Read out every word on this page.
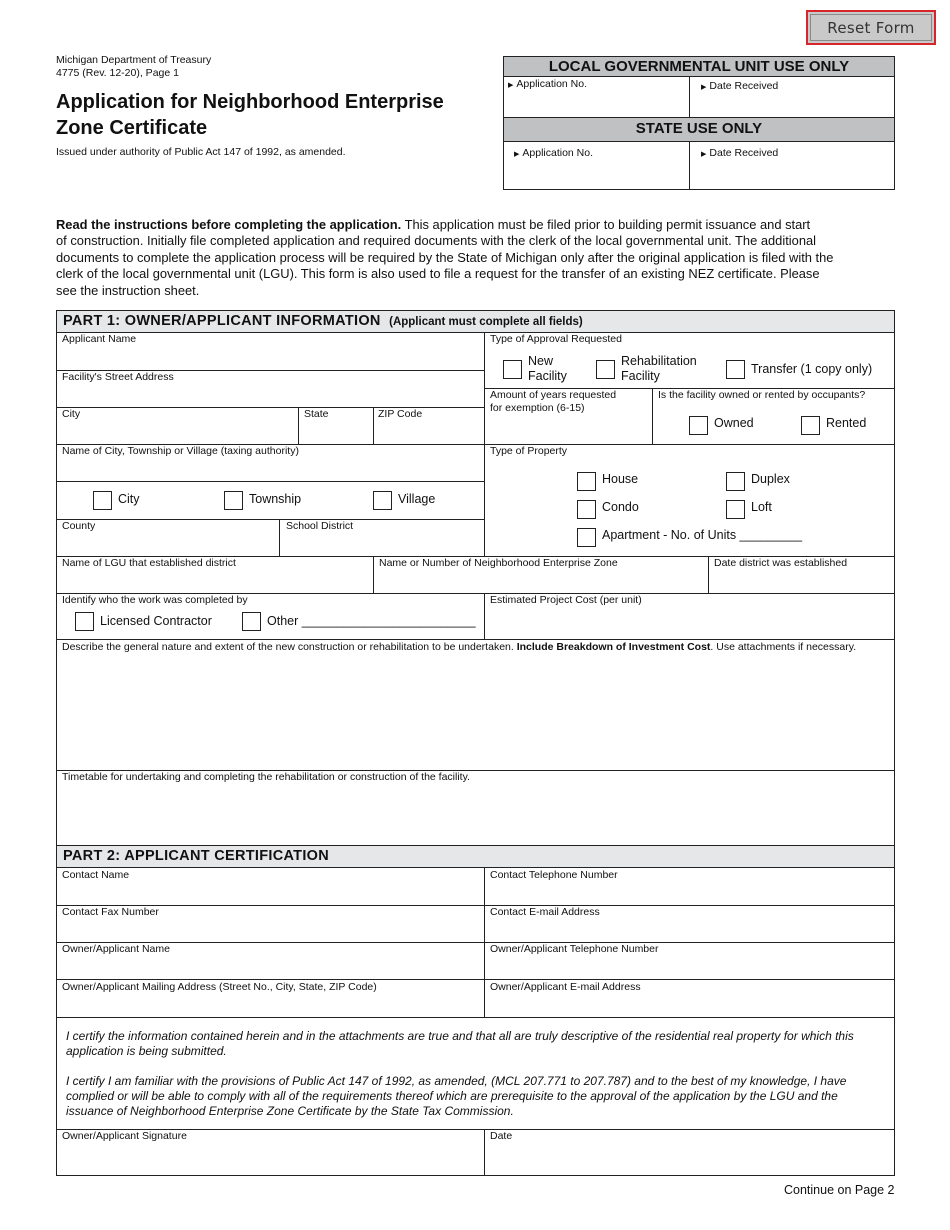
Reset Form
Michigan Department of Treasury
4775 (Rev. 12-20), Page 1
Application for Neighborhood Enterprise
Zone Certificate
Issued under authority of Public Act 147 of 1992, as amended.
LOCAL GOVERNMENTAL UNIT USE ONLY
STATE USE ONLY
▶ Application No.	▶ Date Received
▶ Application No.	▶ Date Received
Read the instructions before completing the application. This application must be filed prior to building permit issuance and start
of construction. Initially file completed application and required documents with the clerk of the local governmental unit. The additional
documents to complete the application process will be required by the State of Michigan only after the original application is filed with the
clerk of the local governmental unit (LGU). This form is also used to file a request for the transfer of an existing NEZ certificate. Please
see the instruction sheet.
PART 1: OWNER/APPLICANT INFORMATION (Applicant must complete all fields)
Applicant Name	Type of Approval Requested
New
Facility
Rehabilitation
Facility	Transfer (1 copy only)
Facility's Street Address
City	State	ZIP Code
Amount of years requested
for exemption (6-15)
Is the facility owned or rented by occupants?
Owned	Rented
Name of City, Township or Village (taxing authority)
City	Township	Village
County	School District
Type of Property
House	Duplex
Condo	Loft
Apartment - No. of Units _________
Name of LGU that established district	Name or Number of Neighborhood Enterprise Zone	Date district was established
Identify who the work was completed by
Licensed Contractor	Other _________________________
Estimated Project Cost (per unit)
Describe the general nature and extent of the new construction or rehabilitation to be undertaken. Include Breakdown of Investment Cost. Use attachments if necessary.
Timetable for undertaking and completing the rehabilitation or construction of the facility.
PART 2: APPLICANT CERTIFICATION
Contact Name	Contact Telephone Number
Contact Fax Number	Contact E-mail Address
Owner/Applicant Name	Owner/Applicant Telephone Number
Owner/Applicant Mailing Address (Street No., City, State, ZIP Code)	Owner/Applicant E-mail Address
I certify the information contained herein and in the attachments are true and that all are truly descriptive of the residential real property for which this
application is being submitted.
I certify I am familiar with the provisions of Public Act 147 of 1992, as amended, (MCL 207.771 to 207.787) and to the best of my knowledge, I have
complied or will be able to comply with all of the requirements thereof which are prerequisite to the approval of the application by the LGU and the
issuance of Neighborhood Enterprise Zone Certificate by the State Tax Commission.
Owner/Applicant Signature	Date
Continue on Page 2
